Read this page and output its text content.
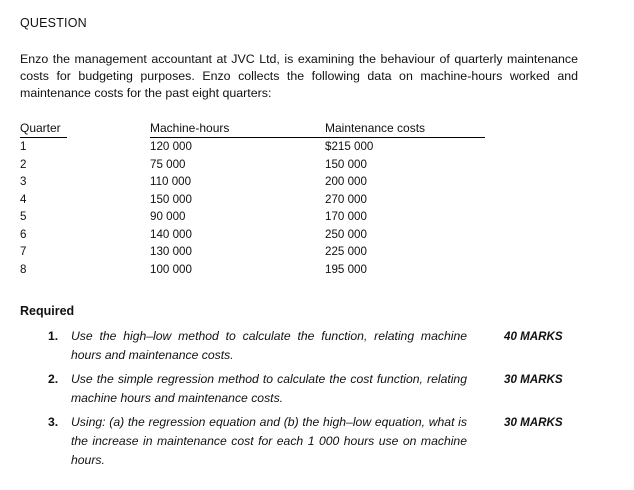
QUESTION
Enzo the management accountant at JVC Ltd, is examining the behaviour of quarterly maintenance costs for budgeting purposes. Enzo collects the following data on machine-hours worked and maintenance costs for the past eight quarters:
Quarter	Machine-hours	Maintenance costs
1	120 000	$215 000
2	75 000	150 000
3	110 000	200 000
4	150 000	270 000
5	90 000	170 000
6	140 000	250 000
7	130 000	225 000
8	100 000	195 000
Required
1. Use the high–low method to calculate the function, relating machine hours and maintenance costs.
40 MARKS
2. Use the simple regression method to calculate the cost function, relating machine hours and maintenance costs.
30 MARKS
3. Using: (a) the regression equation and (b) the high–low equation, what is the increase in maintenance cost for each 1 000 hours use on machine hours.
30 MARKS
